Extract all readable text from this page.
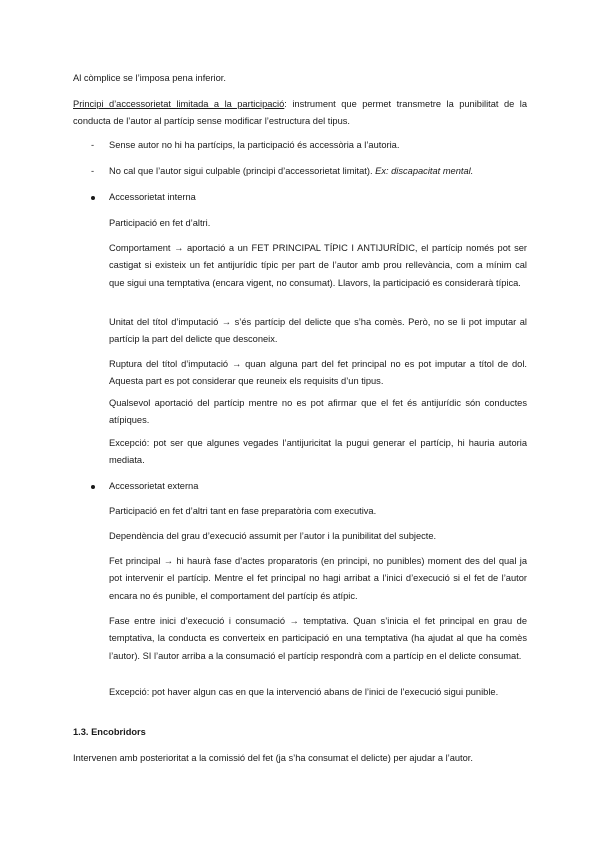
Al còmplice se l’imposa pena inferior.

Principi d’accessorietat limitada a la participació: instrument que permet transmetre la punibilitat de la conducta de l’autor al partícip sense modificar l’estructura del tipus.

- Sense autor no hi ha partícips, la participació és accessòria a l’autoria.

- No cal que l’autor sigui culpable (principi d’accessorietat limitat). Ex: discapacitat mental.

Accessorietat interna

Participació en fet d’altri.

Comportament → aportació a un FET PRINCIPAL TÍPIC I ANTIJURÍDIC, el partícip només pot ser castigat si existeix un fet antijurídic típic per part de l’autor amb prou rellevància, com a mínim cal que sigui una temptativa (encara vigent, no consumat). Llavors, la participació es considerarà típica.

Unitat del títol d’imputació → s’és partícip del delicte que s’ha comès. Però, no se li pot imputar al partícip la part del delicte que desconeix.

Ruptura del títol d’imputació → quan alguna part del fet principal no es pot imputar a títol de dol. Aquesta part es pot considerar que reuneix els requisits d’un tipus.

Qualsevol aportació del partícip mentre no es pot afirmar que el fet és antijurídic són conductes atípiques.

Excepció: pot ser que algunes vegades l’antijuricitat la pugui generar el partícip, hi hauria autoria mediata.

Accessorietat externa

Participació en fet d’altri tant en fase preparatòria com executiva.

Dependència del grau d’execució assumit per l’autor i la punibilitat del subjecte.

Fet principal → hi haurà fase d’actes proparatoris (en principi, no punibles) moment des del qual ja pot intervenir el partícip. Mentre el fet principal no hagi arribat a l’inici d’execució si el fet de l’autor encara no és punible, el comportament del partícip és atípic.

Fase entre inici d’execució i consumació → temptativa. Quan s’inicia el fet principal en grau de temptativa, la conducta es converteix en participació en una temptativa (ha ajudat al que ha comès l’autor). SI l’autor arriba a la consumació el partícip respondrà com a partícip en el delicte consumat.

Excepció: pot haver algun cas en que la intervenció abans de l’inici de l’execució sigui punible.

1.3. Encobridors

Intervenen amb posterioritat a la comissió del fet (ja s’ha consumat el delicte) per ajudar a l’autor.
